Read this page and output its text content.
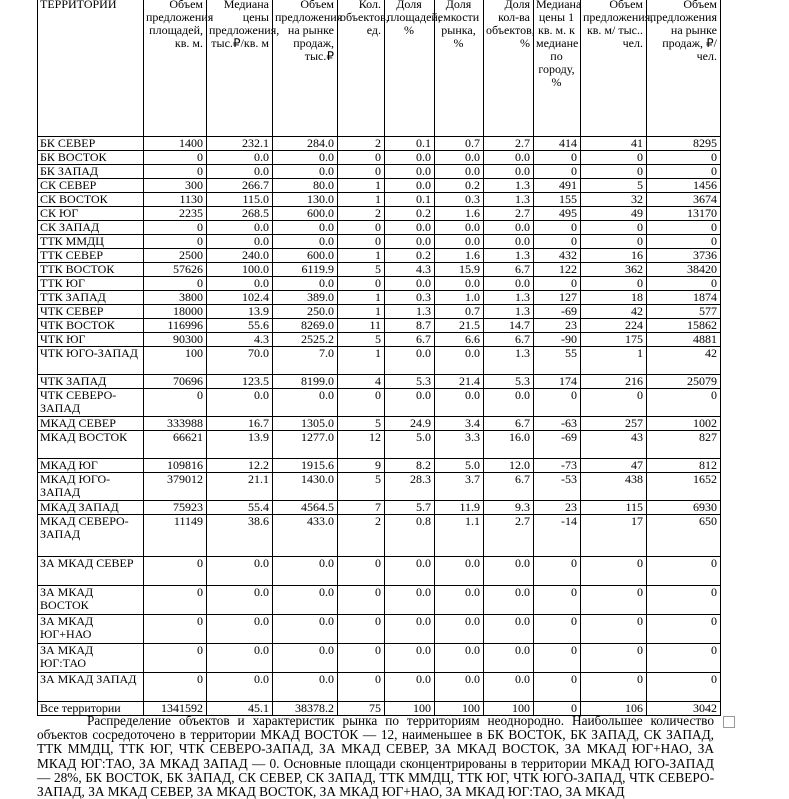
ТЕРРИТОРИИ	Объем предложения площадей, кв. м.	Медиана цены предложения, тыс.₽/кв. м	Объем предложения на рынке продаж, тыс.₽	Кол. объектов, ед.	Доля площадей, %	Доля емкости рынка, %	Доля кол-ва объектов, %	Медиана цены 1 кв. м. к медиане по городу, %	Объем предложения, кв. м/ тыс.. чел.	Объем предложения на рынке продаж, ₽/чел.
БК СЕВЕР	1400	232.1	284.0	2	0.1	0.7	2.7	414	41	8295
БК ВОСТОК	0	0.0	0.0	0	0.0	0.0	0.0	0	0	0
БК ЗАПАД	0	0.0	0.0	0	0.0	0.0	0.0	0	0	0
СК СЕВЕР	300	266.7	80.0	1	0.0	0.2	1.3	491	5	1456
СК ВОСТОК	1130	115.0	130.0	1	0.1	0.3	1.3	155	32	3674
СК ЮГ	2235	268.5	600.0	2	0.2	1.6	2.7	495	49	13170
СК ЗАПАД	0	0.0	0.0	0	0.0	0.0	0.0	0	0	0
ТТК ММДЦ	0	0.0	0.0	0	0.0	0.0	0.0	0	0	0
ТТК СЕВЕР	2500	240.0	600.0	1	0.2	1.6	1.3	432	16	3736
ТТК ВОСТОК	57626	100.0	6119.9	5	4.3	15.9	6.7	122	362	38420
ТТК ЮГ	0	0.0	0.0	0	0.0	0.0	0.0	0	0	0
ТТК ЗАПАД	3800	102.4	389.0	1	0.3	1.0	1.3	127	18	1874
ЧТК СЕВЕР	18000	13.9	250.0	1	1.3	0.7	1.3	-69	42	577
ЧТК ВОСТОК	116996	55.6	8269.0	11	8.7	21.5	14.7	23	224	15862
ЧТК ЮГ	90300	4.3	2525.2	5	6.7	6.6	6.7	-90	175	4881
ЧТК ЮГО-ЗАПАД	100	70.0	7.0	1	0.0	0.0	1.3	55	1	42
ЧТК ЗАПАД	70696	123.5	8199.0	4	5.3	21.4	5.3	174	216	25079
ЧТК СЕВЕРО-ЗАПАД	0	0.0	0.0	0	0.0	0.0	0.0	0	0	0
МКАД СЕВЕР	333988	16.7	1305.0	5	24.9	3.4	6.7	-63	257	1002
МКАД ВОСТОК	66621	13.9	1277.0	12	5.0	3.3	16.0	-69	43	827
МКАД ЮГ	109816	12.2	1915.6	9	8.2	5.0	12.0	-73	47	812
МКАД ЮГО-ЗАПАД	379012	21.1	1430.0	5	28.3	3.7	6.7	-53	438	1652
МКАД ЗАПАД	75923	55.4	4564.5	7	5.7	11.9	9.3	23	115	6930
МКАД СЕВЕРО-ЗАПАД	11149	38.6	433.0	2	0.8	1.1	2.7	-14	17	650
ЗА МКАД СЕВЕР	0	0.0	0.0	0	0.0	0.0	0.0	0	0	0
ЗА МКАД ВОСТОК	0	0.0	0.0	0	0.0	0.0	0.0	0	0	0
ЗА МКАД ЮГ+НАО	0	0.0	0.0	0	0.0	0.0	0.0	0	0	0
ЗА МКАД ЮГ:ТАО	0	0.0	0.0	0	0.0	0.0	0.0	0	0	0
ЗА МКАД ЗАПАД	0	0.0	0.0	0	0.0	0.0	0.0	0	0	0
Все территории	1341592	45.1	38378.2	75	100	100	100	0	106	3042

Распределение объектов и характеристик рынка по территориям неоднородно. Наибольшее количество объектов сосредоточено в территории МКАД ВОСТОК — 12, наименьшее в БК ВОСТОК, БК ЗАПАД, СК ЗАПАД, ТТК ММДЦ, ТТК ЮГ, ЧТК СЕВЕРО-ЗАПАД, ЗА МКАД СЕВЕР, ЗА МКАД ВОСТОК, ЗА МКАД ЮГ+НАО, ЗА МКАД ЮГ:ТАО, ЗА МКАД ЗАПАД — 0. Основные площади сконцентрированы в территории МКАД ЮГО-ЗАПАД — 28%, БК ВОСТОК, БК ЗАПАД, СК СЕВЕР, СК ЗАПАД, ТТК ММДЦ, ТТК ЮГ, ЧТК ЮГО-ЗАПАД, ЧТК СЕВЕРО-ЗАПАД, ЗА МКАД СЕВЕР, ЗА МКАД ВОСТОК, ЗА МКАД ЮГ+НАО, ЗА МКАД ЮГ:ТАО, ЗА МКАД
